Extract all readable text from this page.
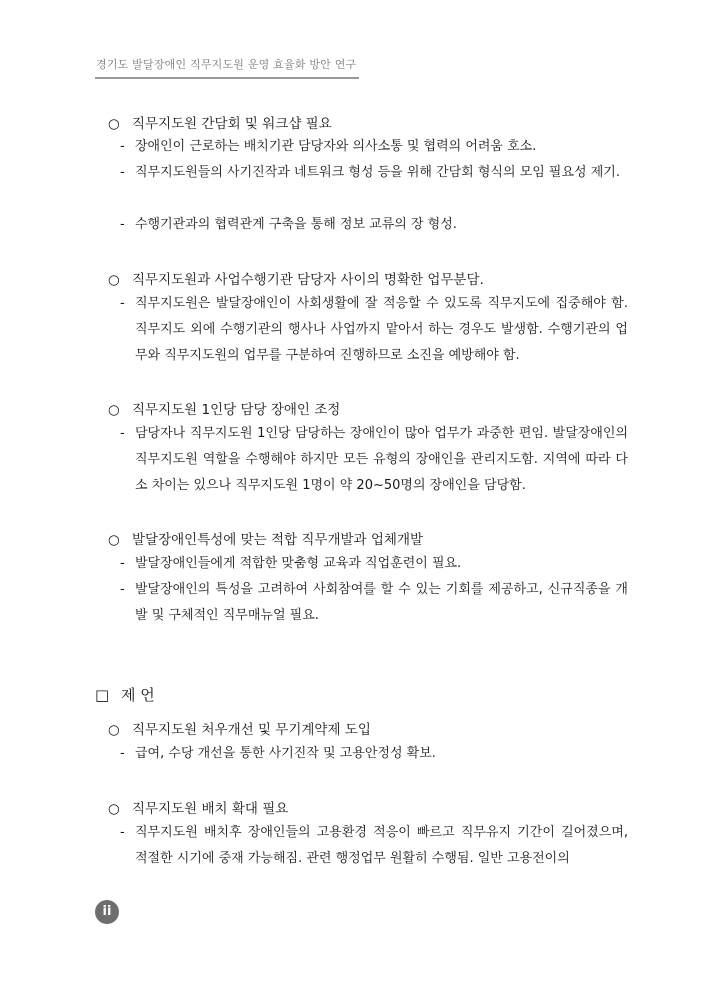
경기도 발달장애인 직무지도원 운영 효율화 방안 연구
○ 직무지도원 간담회 및 워크샵 필요
- 장애인이 근로하는 배치기관 담당자와 의사소통 및 협력의 어려움 호소.
- 직무지도원들의 사기진작과 네트워크 형성 등을 위해 간담회 형식의 모임 필요성 제기.
- 수행기관과의 협력관계 구축을 통해 정보 교류의 장 형성.
○ 직무지도원과 사업수행기관 담당자 사이의 명확한 업무분담.
- 직무지도원은 발달장애인이 사회생활에 잘 적응할 수 있도록 직무지도에 집중해야 함. 직무지도 외에 수행기관의 행사나 사업까지 맡아서 하는 경우도 발생함. 수행기관의 업무와 직무지도원의 업무를 구분하여 진행하므로 소진을 예방해야 함.
○ 직무지도원 1인당 담당 장애인 조정
- 담당자나 직무지도원 1인당 담당하는 장애인이 많아 업무가 과중한 편임. 발달장애인의 직무지도원 역할을 수행해야 하지만 모든 유형의 장애인을 관리지도함. 지역에 따라 다소 차이는 있으나 직무지도원 1명이 약 20~50명의 장애인을 담당함.
○ 발달장애인특성에 맞는 적합 직무개발과 업체개발
- 발달장애인들에게 적합한 맞춤형 교육과 직업훈련이 필요.
- 발달장애인의 특성을 고려하여 사회참여를 할 수 있는 기회를 제공하고, 신규직종을 개발 및 구체적인 직무매뉴얼 필요.
□ 제 언
○ 직무지도원 처우개선 및 무기계약제 도입
- 급여, 수당 개선을 통한 사기진작 및 고용안정성 확보.
○ 직무지도원 배치 확대 필요
- 직무지도원 배치후 장애인들의 고용환경 적응이 빠르고 직무유지 기간이 길어졌으며, 적절한 시기에 중재 가능해짐. 관련 행정업무 원활히 수행됨. 일반 고용전이의
ii
